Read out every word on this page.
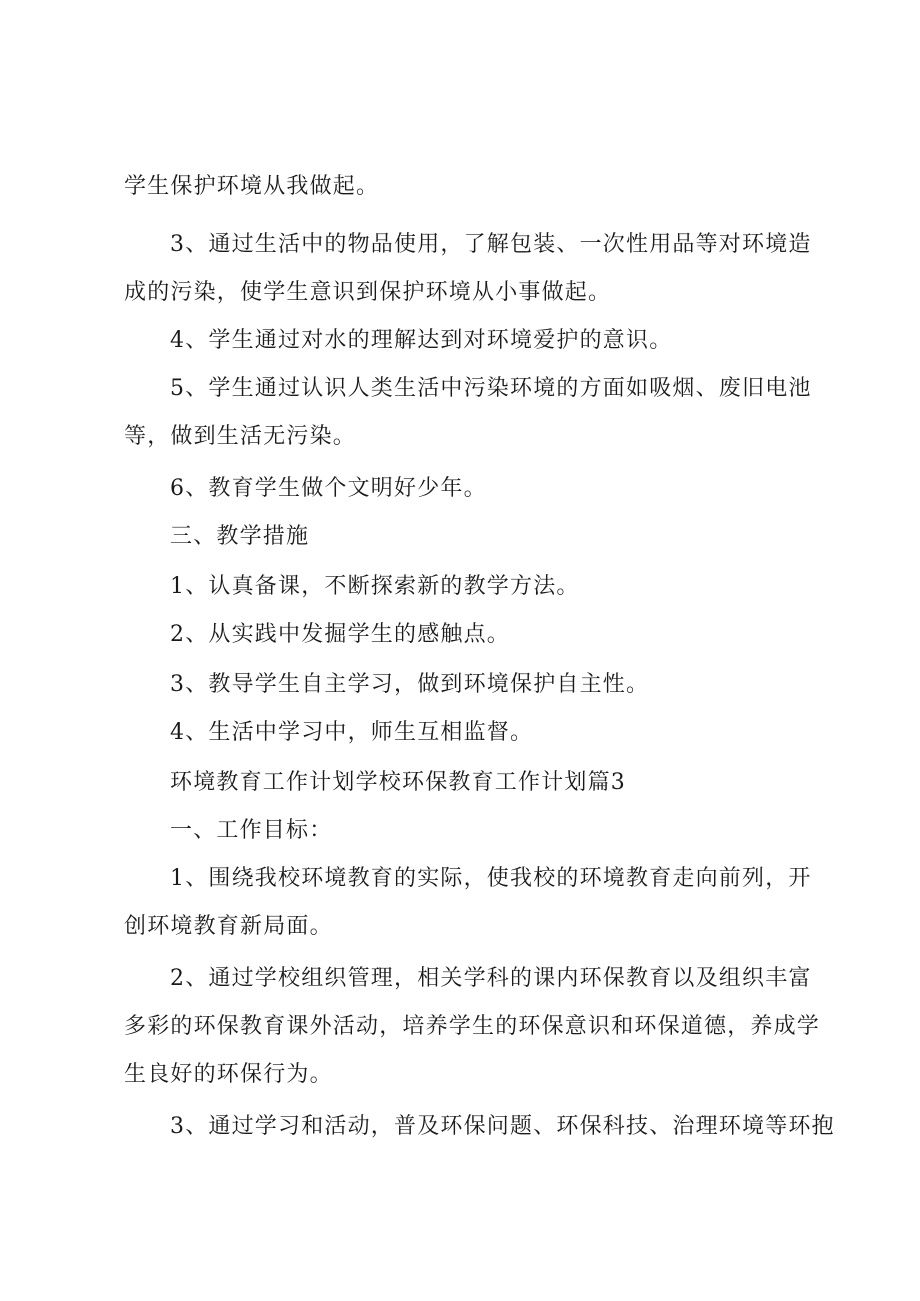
学生保护环境从我做起。
3、通过生活中的物品使用，了解包装、一次性用品等对环境造
成的污染，使学生意识到保护环境从小事做起。
4、学生通过对水的理解达到对环境爱护的意识。
5、学生通过认识人类生活中污染环境的方面如吸烟、废旧电池
等，做到生活无污染。
6、教育学生做个文明好少年。
三、教学措施
1、认真备课，不断探索新的教学方法。
2、从实践中发掘学生的感触点。
3、教导学生自主学习，做到环境保护自主性。
4、生活中学习中，师生互相监督。
环境教育工作计划学校环保教育工作计划篇3
一、工作目标：
1、围绕我校环境教育的实际，使我校的环境教育走向前列，开
创环境教育新局面。
2、通过学校组织管理，相关学科的课内环保教育以及组织丰富
多彩的环保教育课外活动，培养学生的环保意识和环保道德，养成学
生良好的环保行为。
3、通过学习和活动，普及环保问题、环保科技、治理环境等环抱
